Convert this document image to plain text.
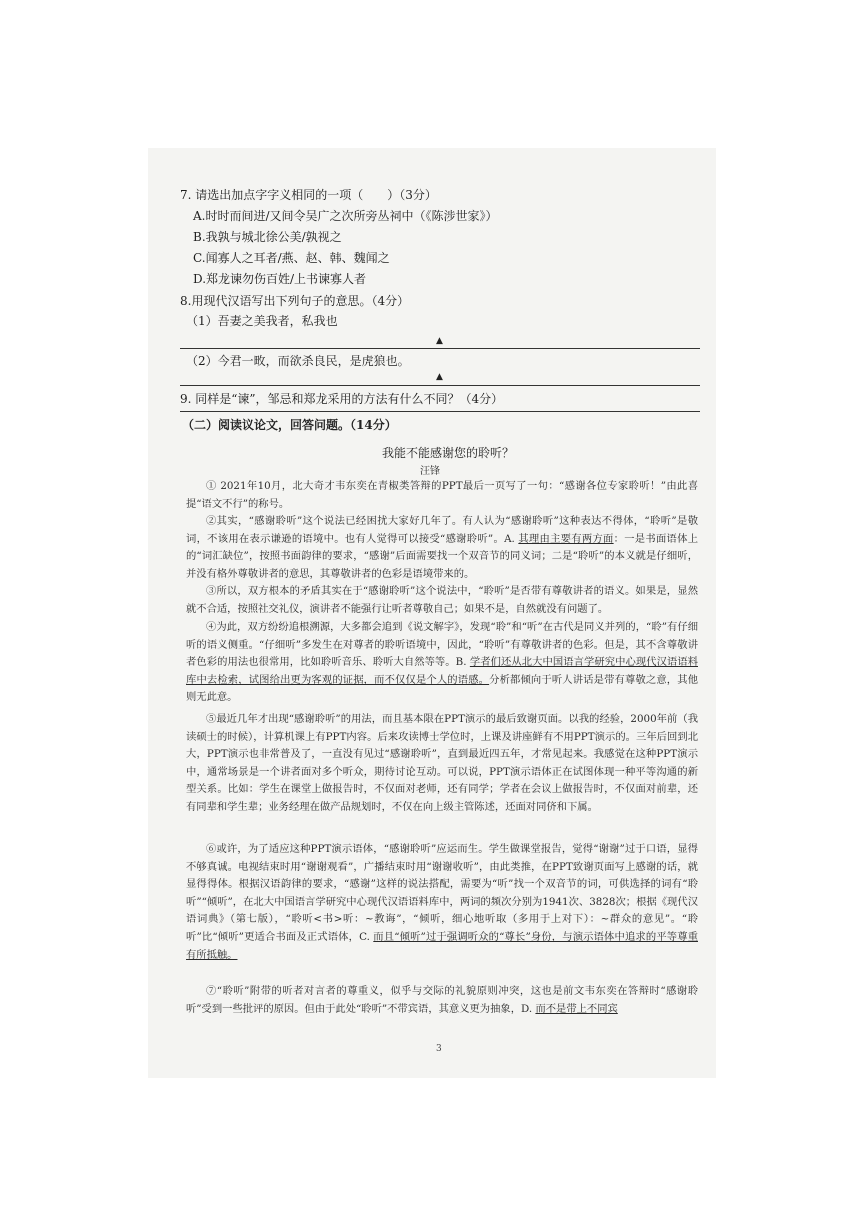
7. 请选出加点字字义相同的一项（　　）（3分）
A.时时而间进/又间令吴广之次所旁丛祠中（《陈涉世家》）
B.我孰与城北徐公美/孰视之
C.闻寡人之耳者/燕、赵、韩、魏闻之
D.郑龙谏勿伤百姓/上书谏寡人者
8.用现代汉语写出下列句子的意思。（4分）
（1）吾妻之美我者，私我也
▲
（2）今君一畋，而欲杀良民，是虎狼也。
▲
9. 同样是“谏”，邹忌和郑龙采用的方法有什么不同？（4分）
（二）阅读议论文，回答问题。（14分）
我能不能感谢您的聆听？
汪锋

① 2021年10月，北大奇才韦东奕在青椒类答辩的PPT最后一页写了一句：“感谢各位专家聆听！”由此喜提“语文不行”的称号。

②其实，“感谢聆听”这个说法已经困扰大家好几年了。有人认为“感谢聆听”这种表达不得体，“聆听”是敬词，不该用在表示谦逊的语境中。也有人觉得可以接受“感谢聆听”。A. 其理由主要有两方面：一是书面语体上的“词汇缺位”，按照书面韵律的要求，“感谢”后面需要找一个双音节的同义词；二是“聆听”的本义就是仔细听，并没有格外尊敬讲者的意思，其尊敬讲者的色彩是语境带来的。

③所以，双方根本的矛盾其实在于“感谢聆听”这个说法中，“聆听”是否带有尊敬讲者的语义。如果是，显然就不合适，按照社交礼仪，演讲者不能强行让听者尊敬自己；如果不是，自然就没有问题了。

④为此，双方纷纷追根溯源，大多都会追到《说文解字》，发现“聆”和“听”在古代是同义并列的，“聆”有仔细听的语义侧重。“仔细听”多发生在对尊者的聆听语境中，因此，“聆听”有尊敬讲者的色彩。但是，其不含尊敬讲者色彩的用法也很常用，比如聆听音乐、聆听大自然等等。B. 学者们还从北大中国语言学研究中心现代汉语语料库中去检索，试图给出更为客观的证据，而不仅仅是个人的语感。分析都倾向于听人讲话是带有尊敬之意，其他则无此意。

⑤最近几年才出现“感谢聆听”的用法，而且基本限在PPT演示的最后致谢页面。以我的经验，2000年前（我读硕士的时候），计算机课上有PPT内容。后来攻读博士学位时，上课及讲座鲜有不用PPT演示的。三年后回到北大，PPT演示也非常普及了，一直没有见过“感谢聆听”，直到最近四五年，才常见起来。我感觉在这种PPT演示中，通常场景是一个讲者面对多个听众，期待讨论互动。可以说，PPT演示语体正在试图体现一种平等沟通的新型关系。比如：学生在课堂上做报告时，不仅面对老师，还有同学；学者在会议上做报告时，不仅面对前辈，还有同辈和学生辈；业务经理在做产品规划时，不仅在向上级主管陈述，还面对同侪和下属。

⑥或许，为了适应这种PPT演示语体，“感谢聆听”应运而生。学生做课堂报告，觉得“谢谢”过于口语，显得不够真诚。电视结束时用“谢谢观看”，广播结束时用“谢谢收听”，由此类推，在PPT致谢页面写上感谢的话，就显得得体。根据汉语韵律的要求，“感谢”这样的说法搭配，需要为“听”找一个双音节的词，可供选择的词有“聆听”“倾听”，在北大中国语言学研究中心现代汉语语料库中，两词的频次分别为1941次、3828次；根据《现代汉语词典》（第七版），“聆听<书>听：~教诲”，“倾听，细心地听取（多用于上对下）：~群众的意见”。“聆听”比“倾听”更适合书面及正式语体，C. 而且“倾听”过于强调听众的“尊长”身份，与演示语体中追求的平等尊重有所抵触。

⑦“聆听”附带的听者对言者的尊重义，似乎与交际的礼貌原则冲突，这也是前文韦东奕在答辩时“感谢聆听”受到一些批评的原因。但由于此处“聆听”不带宾语，其意义更为抽象，D. 而不是带上不同宾

3
